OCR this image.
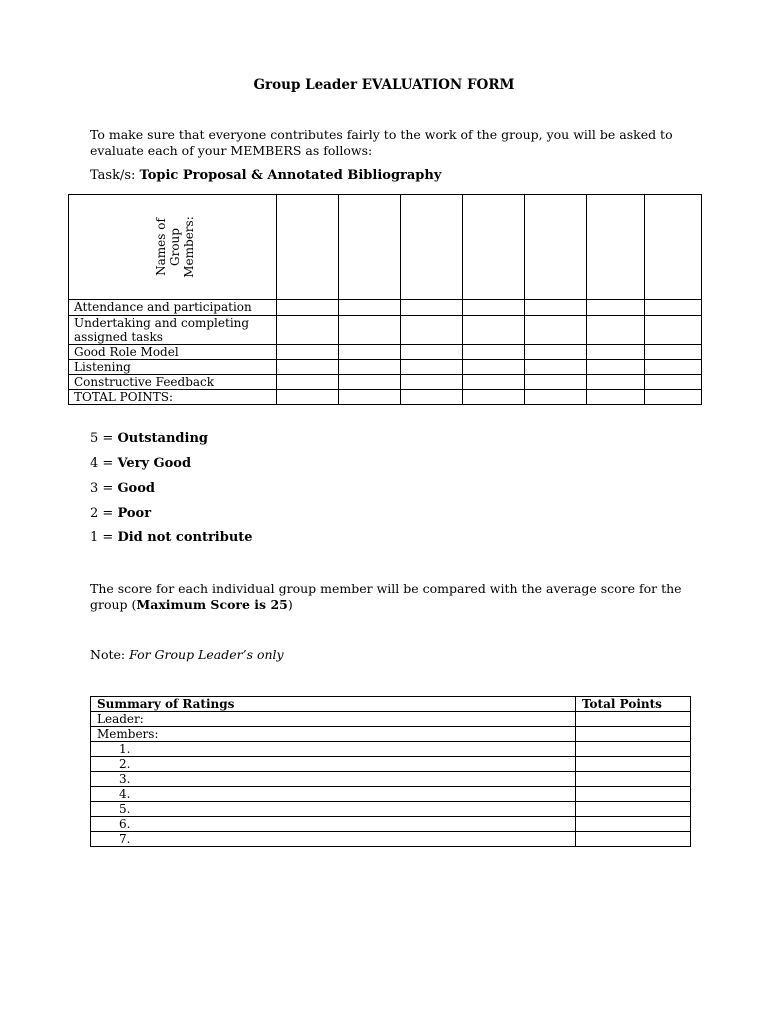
Group Leader EVALUATION FORM
To make sure that everyone contributes fairly to the work of the group, you will be asked to evaluate each of your MEMBERS as follows:
Task/s: Topic Proposal & Annotated Bibliography
Names of
Group
Members:							

Attendance and participation							
Undertaking and completing assigned tasks							
Good Role Model							
Listening							
Constructive Feedback							
TOTAL POINTS:							
5 = Outstanding
4 = Very Good
3 = Good
2 = Poor
1 = Did not contribute
The score for each individual group member will be compared with the average score for the group (Maximum Score is 25)
Note: For Group Leader’s only
Summary of Ratings	Total Points
Leader:	
Members:	
1.	
2.	
3.	
4.	
5.	
6.	
7.	
